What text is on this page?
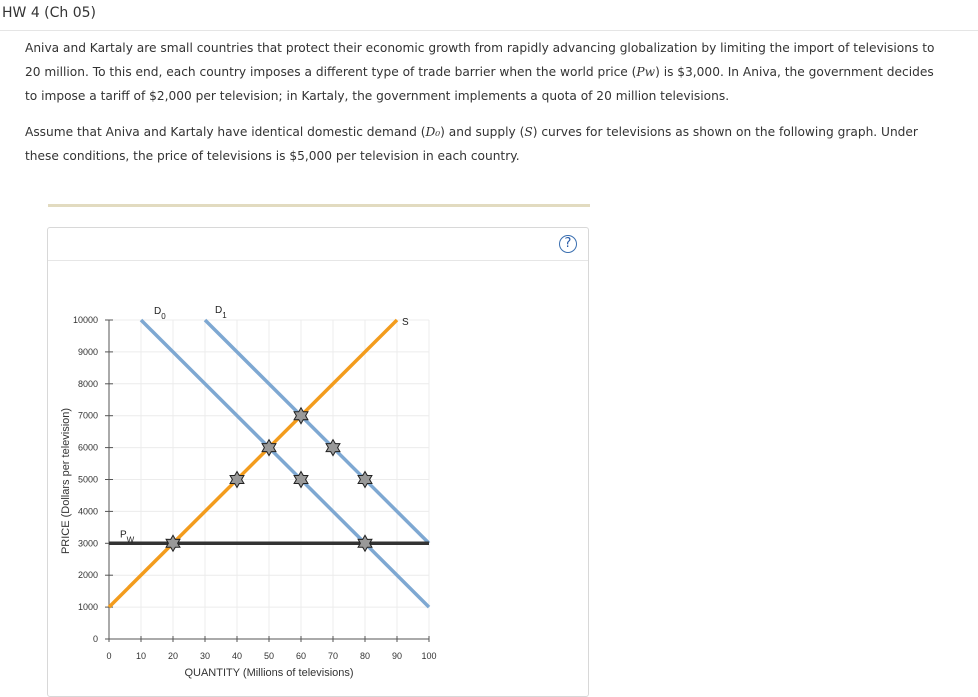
HW 4 (Ch 05)

Aniva and Kartaly are small countries that protect their economic growth from rapidly advancing globalization by limiting the import of televisions to
20 million. To this end, each country imposes a different type of trade barrier when the world price (Pw) is $3,000. In Aniva, the government decides
to impose a tariff of $2,000 per television; in Kartaly, the government implements a quota of 20 million televisions.

Assume that Aniva and Kartaly have identical domestic demand (D₀) and supply (S) curves for televisions as shown on the following graph. Under
these conditions, the price of televisions is $5,000 per television in each country.

?
0	10 20 30 40 50 60 70 80 90 100
0
1000
2000
3000
4000
5000
6000
7000
8000
9000
10000
QUANTITY (Millions of televisions)
PRICE (Dollars per television)
$D_0$
$D_1$
S
$P_W$
